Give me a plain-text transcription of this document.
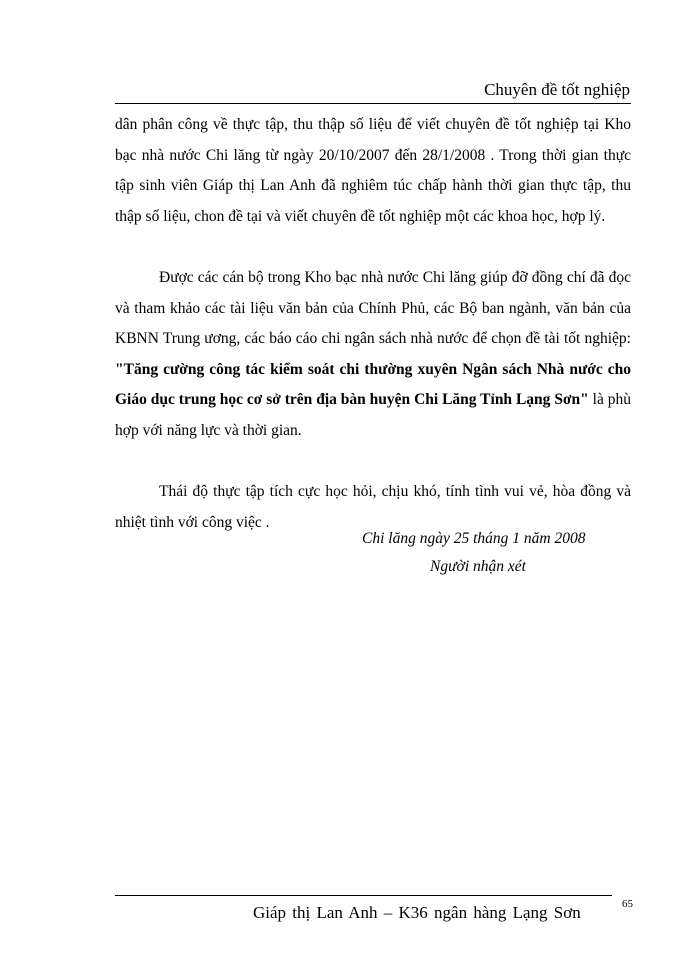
Chuyên đề tốt nghiệp

dân phân công về thực tập, thu thập số liệu để viết chuyên đề tốt nghiệp tại Kho bạc nhà nước Chi lăng từ ngày 20/10/2007 đến 28/1/2008 . Trong thời gian thực tập sinh viên Giáp thị Lan Anh đã nghiêm túc chấp hành thời gian thực tập, thu thập số liệu, chon đề tại và viết chuyên đề tốt nghiệp một các khoa học, hợp lý.

Được các cán bộ trong Kho bạc nhà nước Chi lăng giúp đỡ đồng chí đã đọc và tham khảo các tài liệu văn bản của Chính Phủ, các Bộ ban ngành, văn bản của KBNN Trung ương, các báo cáo chi ngân sách nhà nước để chọn đề tài tốt nghiệp: "Tăng cường công tác kiểm soát chi thường xuyên Ngân sách Nhà nước cho Giáo dục trung học cơ sở trên địa bàn huyện Chi Lăng Tỉnh Lạng Sơn" là phù hợp với năng lực và thời gian.

Thái độ thực tập tích cực học hỏi, chịu khó, tính tình vui vẻ, hòa đồng và nhiệt tình với công việc .

Chi lăng ngày 25 tháng 1 năm 2008
Người nhận xét
Giáp thị Lan Anh – K36 ngân hàng Lạng Sơn	65
